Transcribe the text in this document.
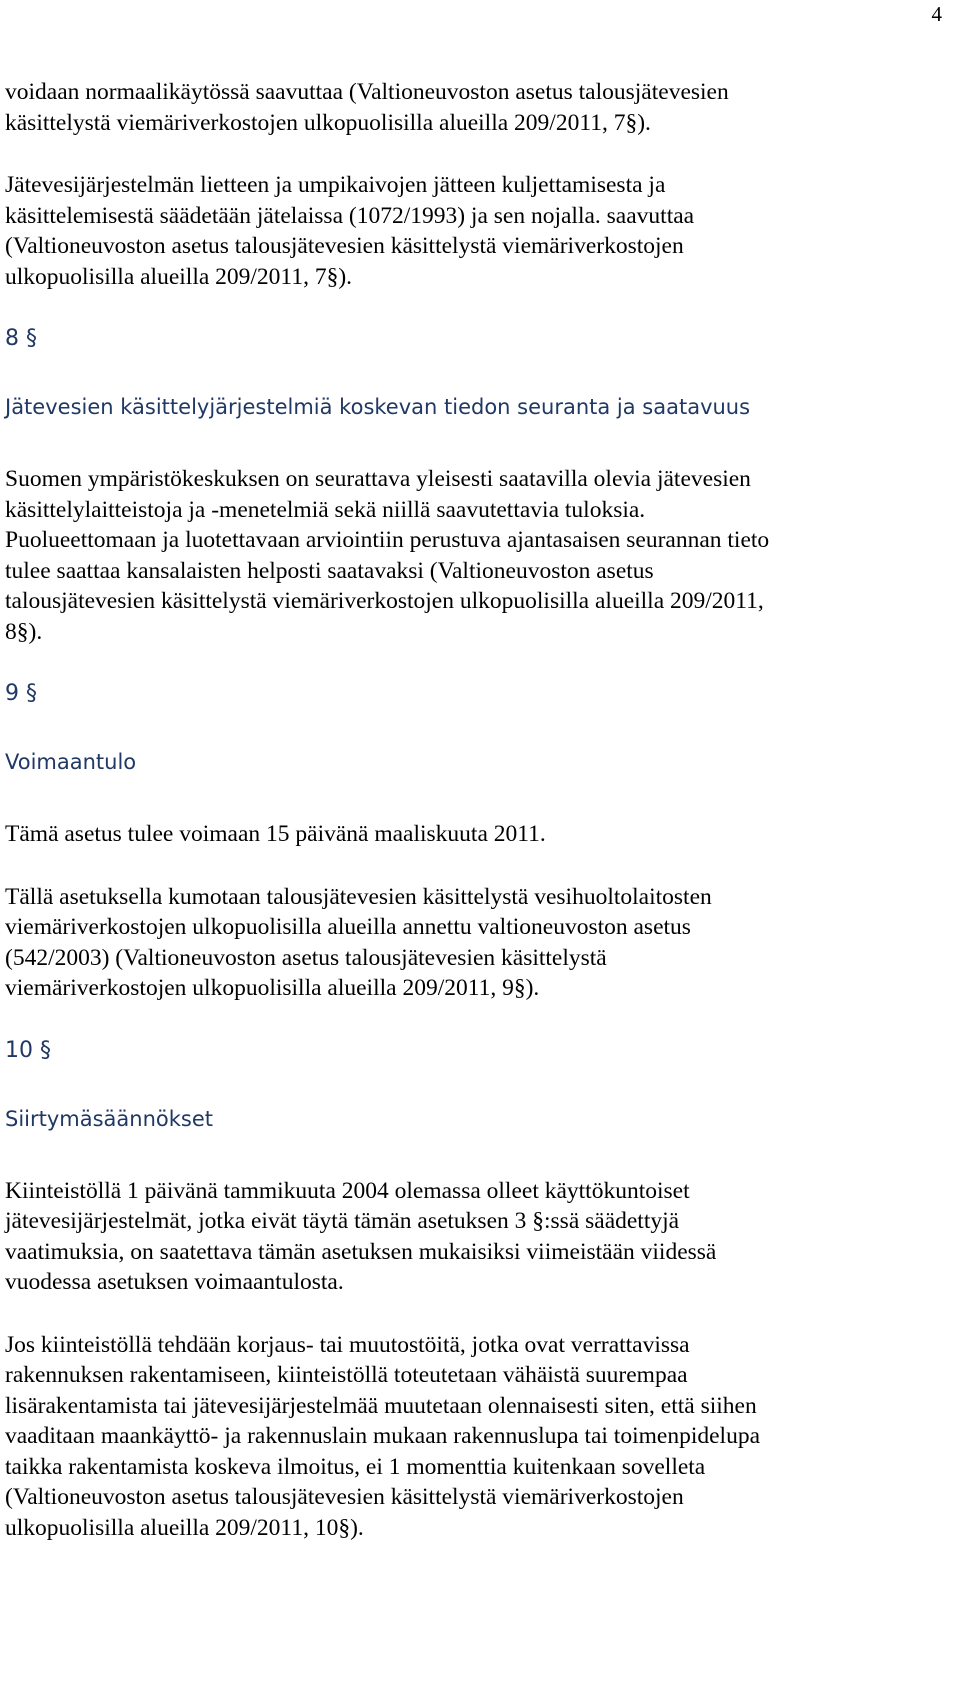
4

voidaan normaalikäytössä saavuttaa (Valtioneuvoston asetus talousjätevesien
käsittelystä viemäriverkostojen ulkopuolisilla alueilla 209/2011, 7§).

Jätevesijärjestelmän lietteen ja umpikaivojen jätteen kuljettamisesta ja
käsittelemisestä säädetään jätelaissa (1072/1993) ja sen nojalla. saavuttaa
(Valtioneuvoston asetus talousjätevesien käsittelystä viemäriverkostojen
ulkopuolisilla alueilla 209/2011, 7§).

8 §

Jätevesien käsittelyjärjestelmiä koskevan tiedon seuranta ja saatavuus

Suomen ympäristökeskuksen on seurattava yleisesti saatavilla olevia jätevesien
käsittelylaitteistoja ja -menetelmiä sekä niillä saavutettavia tuloksia.
Puolueettomaan ja luotettavaan arviointiin perustuva ajantasaisen seurannan tieto
tulee saattaa kansalaisten helposti saatavaksi (Valtioneuvoston asetus
talousjätevesien käsittelystä viemäriverkostojen ulkopuolisilla alueilla 209/2011,
8§).

9 §

Voimaantulo

Tämä asetus tulee voimaan 15 päivänä maaliskuuta 2011.

Tällä asetuksella kumotaan talousjätevesien käsittelystä vesihuoltolaitosten
viemäriverkostojen ulkopuolisilla alueilla annettu valtioneuvoston asetus
(542/2003) (Valtioneuvoston asetus talousjätevesien käsittelystä
viemäriverkostojen ulkopuolisilla alueilla 209/2011, 9§).

10 §

Siirtymäsäännökset

Kiinteistöllä 1 päivänä tammikuuta 2004 olemassa olleet käyttökuntoiset
jätevesijärjestelmät, jotka eivät täytä tämän asetuksen 3 §:ssä säädettyjä
vaatimuksia, on saatettava tämän asetuksen mukaisiksi viimeistään viidessä
vuodessa asetuksen voimaantulosta.

Jos kiinteistöllä tehdään korjaus- tai muutostöitä, jotka ovat verrattavissa
rakennuksen rakentamiseen, kiinteistöllä toteutetaan vähäistä suurempaa
lisärakentamista tai jätevesijärjestelmää muutetaan olennaisesti siten, että siihen
vaaditaan maankäyttö- ja rakennuslain mukaan rakennuslupa tai toimenpidelupa
taikka rakentamista koskeva ilmoitus, ei 1 momenttia kuitenkaan sovelleta
(Valtioneuvoston asetus talousjätevesien käsittelystä viemäriverkostojen
ulkopuolisilla alueilla 209/2011, 10§).
